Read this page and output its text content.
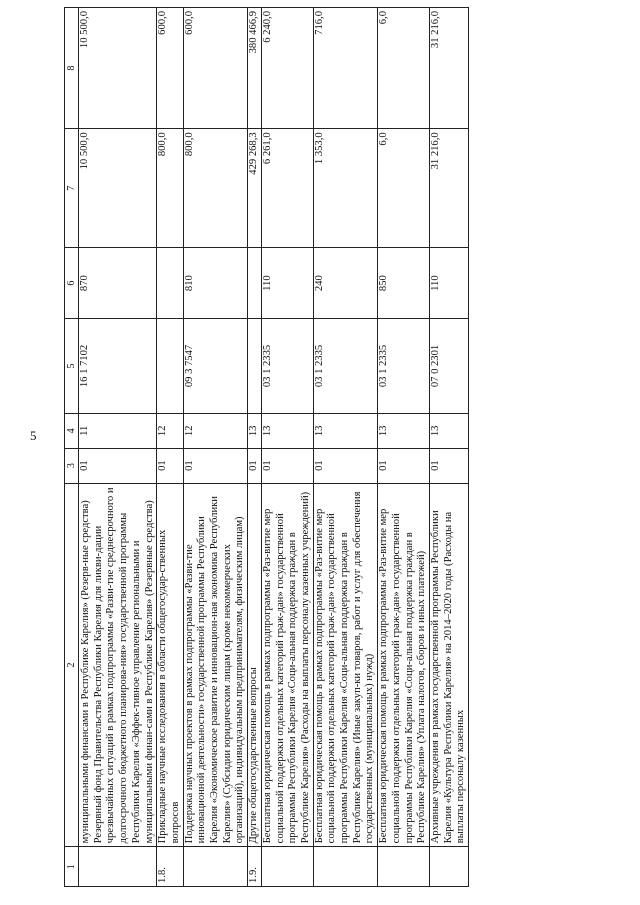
5
1	2	3	4	5	6	7	8

	муниципальными финансами в Республике Карелия» (Резерв-ные средства) Резервный фонд Правительства Республики Карелия для ликви-дации чрезвычайных ситуаций в рамках подпрограммы «Разви-тие среднесрочного и долгосрочного бюджетного планирова-ния» государственной программы Республики Карелия «Эффек-тивное управление региональными и муниципальными финан-сами в Республике Карелия» (Резервные средства)	01	11	16 1 7102	870	10 500,0	10 500,0
1.8.	Прикладные научные исследования в области общегосудар-ственных вопросов	01	12			800,0	600,0
	Поддержка научных проектов в рамках подпрограммы «Разви-тие инновационной деятельности» государственной программы Республики Карелия «Экономическое развитие и инновацион-ная экономика Республики Карелия» (Субсидии юридическим лицам (кроме некоммерческих организаций), индивидуальным предпринимателям, физическим лицам)	01	12	09 3 7547	810	800,0	600,0
1.9.	Другие общегосударственные вопросы	01	13			429 268,3	380 466,9
	Бесплатная юридическая помощь в рамках подпрограммы «Раз-витие мер социальной поддержки отдельных категорий граж-дан» государственной программы Республики Карелия «Соци-альная поддержка граждан в Республике Карелия» (Расходы на выплаты персоналу казенных учреждений)	01	13	03 1 2335	110	6 261,0	6 240,0
	Бесплатная юридическая помощь в рамках подпрограммы «Раз-витие мер социальной поддержки отдельных категорий граж-дан» государственной программы Республики Карелия «Соци-альная поддержка граждан в Республике Карелия» (Иные закуп-ки товаров, работ и услуг для обеспечения государственных (муниципальных) нужд)	01	13	03 1 2335	240	1 353,0	716,0
	Бесплатная юридическая помощь в рамках подпрограммы «Раз-витие мер социальной поддержки отдельных категорий граж-дан» государственной программы Республики Карелия «Соци-альная поддержка граждан в Республике Карелия» (Уплата налогов, сборов и иных платежей)	01	13	03 1 2335	850	6,0	6,0
	Архивные учреждения в рамках государственной программы Республики Карелия «Культура Республики Карелия» на 2014–2020 годы (Расходы на выплаты персоналу казенных	01	13	07 0 2301	110	31 216,0	31 216,0
